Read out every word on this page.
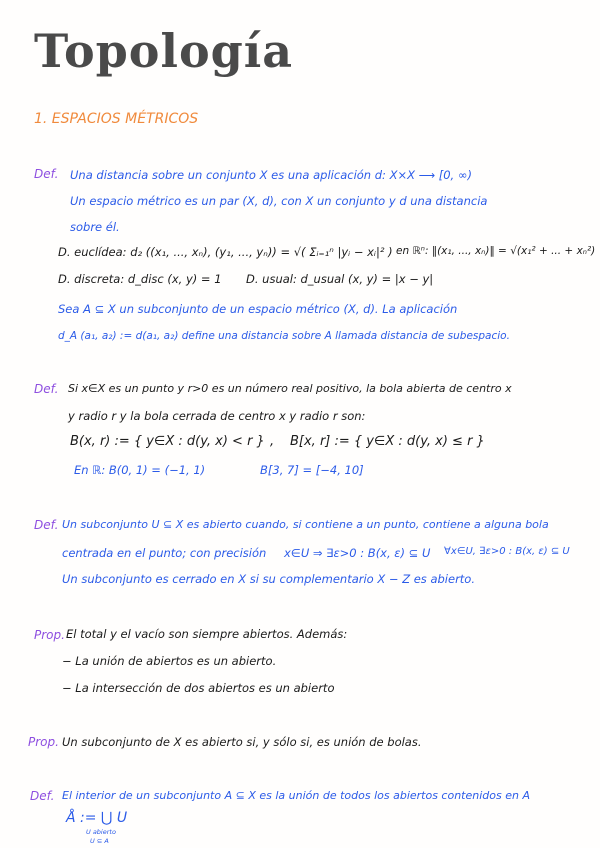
Topología
1. ESPACIOS MÉTRICOS
Def. Una distancia sobre un conjunto X es una aplicación d: X×X ⟶ [0, ∞)
Un espacio métrico es un par (X, d), con X un conjunto y d una distancia
sobre él.
D. euclídea: d₂ ((x₁, ..., xₙ), (y₁, ..., yₙ)) = √( Σᵢ₌₁ⁿ |yᵢ − xᵢ|² ) en ℝⁿ: ‖(x₁, ..., xₙ)‖ = √(x₁² + ... + xₙ²)
D. discreta: d_disc (x, y) = 1 D. usual: d_usual (x, y) = |x − y|
Sea A ⊆ X un subconjunto de un espacio métrico (X, d). La aplicación
d_A (a₁, a₂) := d(a₁, a₂) define una distancia sobre A llamada distancia de subespacio.
Def. Si x∈X es un punto y r>0 es un número real positivo, la bola abierta de centro x
y radio r y la bola cerrada de centro x y radio r son:
B(x, r) := { y∈X : d(y, x) < r } , B[x, r] := { y∈X : d(y, x) ≤ r }
En ℝ: B(0, 1) = (−1, 1)	B[3, 7] = [−4, 10]
Def. Un subconjunto U ⊆ X es abierto cuando, si contiene a un punto, contiene a alguna bola
centrada en el punto; con precisión x∈U ⇒ ∃ε>0 : B(x, ε) ⊆ U ∀x∈U, ∃ε>0 : B(x, ε) ⊆ U
Un subconjunto es cerrado en X si su complementario X − Z es abierto.
Prop. El total y el vacío son siempre abiertos. Además:
− La unión de abiertos es un abierto.
− La intersección de dos abiertos es un abierto
Prop. Un subconjunto de X es abierto si, y sólo si, es unión de bolas.
Def. El interior de un subconjunto A ⊆ X es la unión de todos los abiertos contenidos en A
Å := ⋃ U
U abierto
U ⊆ A
